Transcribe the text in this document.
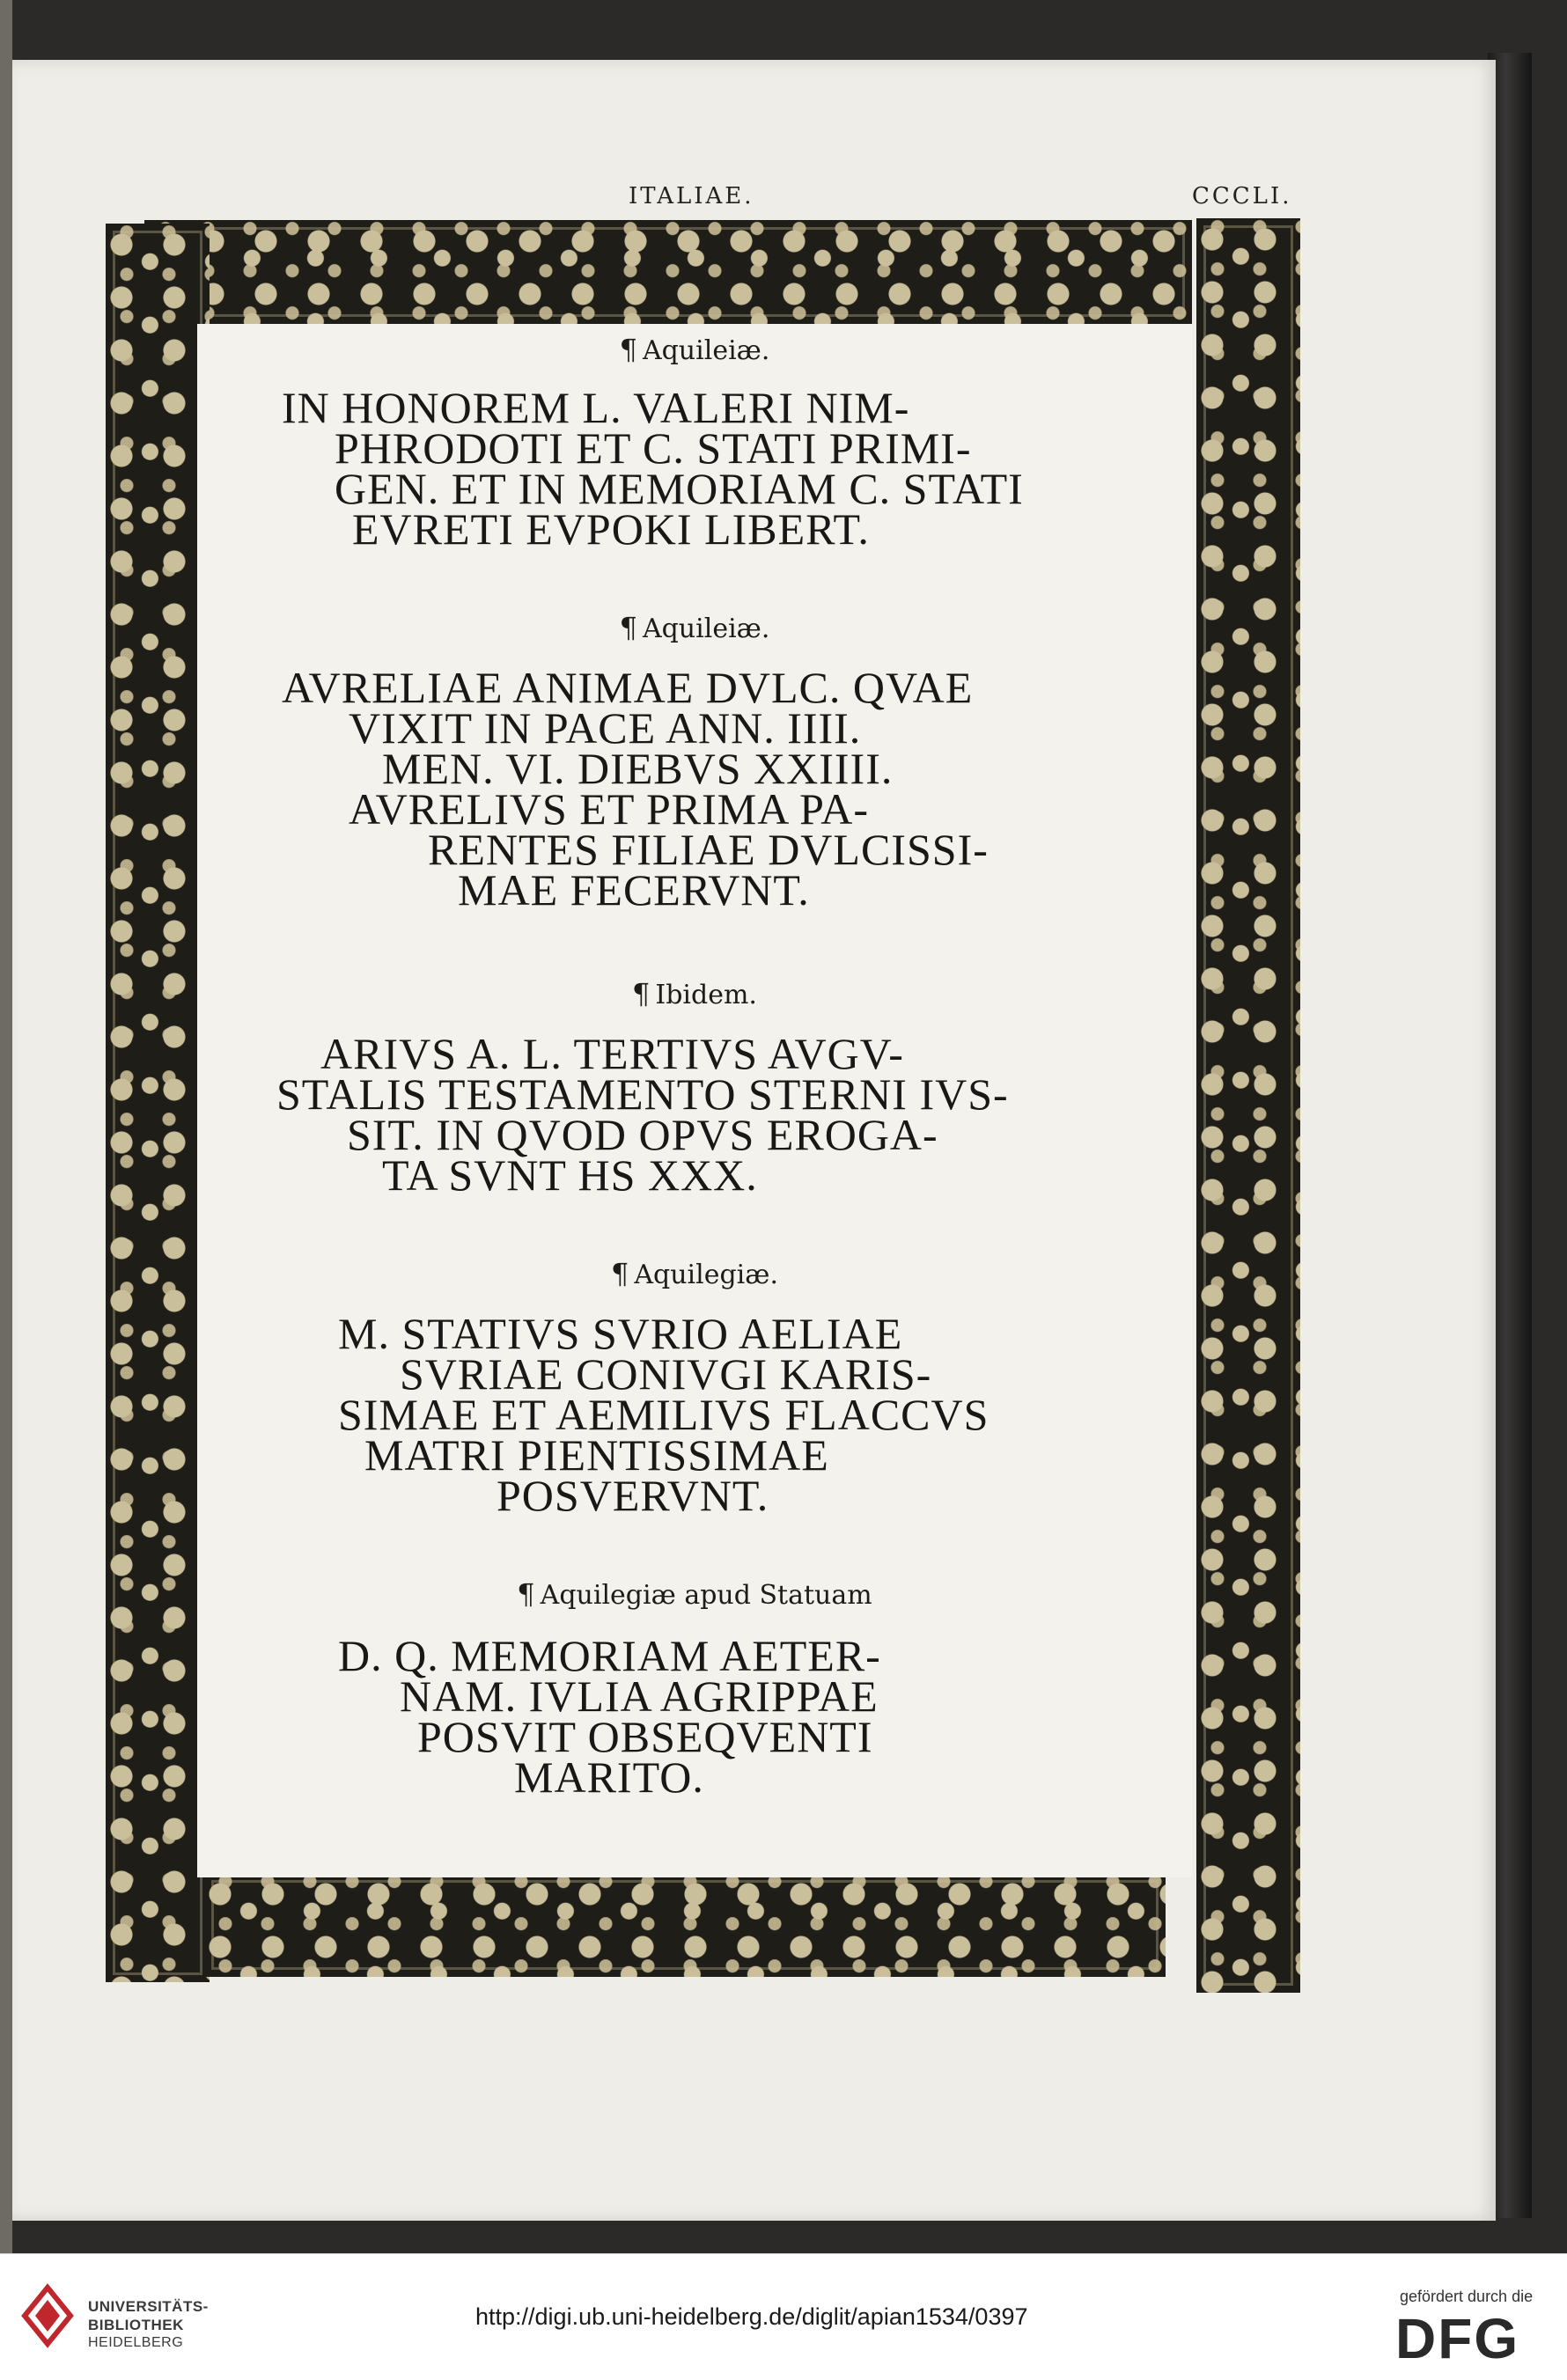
ITALIAE.	CCCLI.
¶ Aquileiæ.
IN HONOREM L. VALERI NIM-
PHRODOTI ET C. STATI PRIMI-
GEN. ET IN MEMORIAM C. STATI
EVRETI EVPOKI LIBERT.
¶ Aquileiæ.
AVRELIAE ANIMAE DVLC. QVAE
VIXIT IN PACE ANN. IIII.
MEN. VI. DIEBVS XXIIII.
AVRELIVS ET PRIMA PA-
RENTES FILIAE DVLCISSI-
MAE FECERVNT.
¶ Ibidem.
ARIVS A. L. TERTIVS AVGV-
STALIS TESTAMENTO STERNI IVS-
SIT. IN QVOD OPVS EROGA-
TA SVNT HS XXX.
¶ Aquilegiæ.
M. STATIVS SVRIO AELIAE
SVRIAE CONIVGI KARIS-
SIMAE ET AEMILIVS FLACCVS
MATRI PIENTISSIMAE
POSVERVNT.
¶ Aquilegiæ apud Statuam
D. Q. MEMORIAM AETER-
NAM. IVLIA AGRIPPAE
POSVIT OBSEQVENTI
MARITO.
UNIVERSITÄTS-
BIBLIOTHEK
HEIDELBERG
http://digi.ub.uni-heidelberg.de/diglit/apian1534/0397
gefördert durch die
DFG
